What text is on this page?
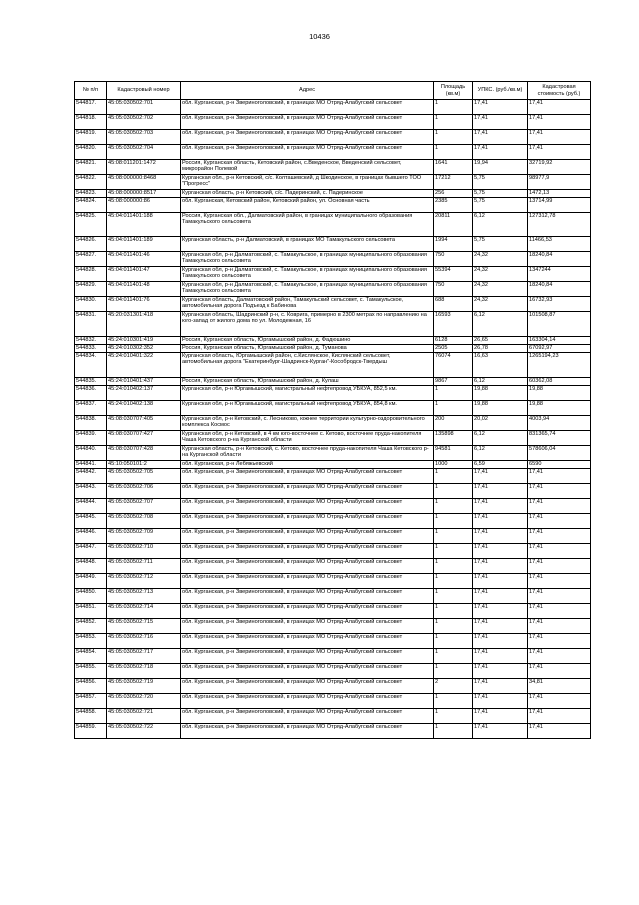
10436
№ п/п	Кадастровый номер	Адрес	Площадь (кв.м)	УПКС. (руб./кв.м)	Кадастровая стоимость (руб.)
544817.	45:05:030502:701	обл. Курганская, р-н Звериноголовский, в границах МО Отряд-Алабугский сельсовет	1	17,41	17,41
544818.	45:05:030502:702	обл. Курганская, р-н Звериноголовский, в границах МО Отряд-Алабугский сельсовет	1	17,41	17,41
544819.	45:05:030502:703	обл. Курганская, р-н Звериноголовский, в границах МО Отряд-Алабугский сельсовет	1	17,41	17,41
544820.	45:05:030502:704	обл. Курганская, р-н Звериноголовский, в границах МО Отряд-Алабугский сельсовет	1	17,41	17,41
544821.	45:08:011201:1472	Россия, Курганская область, Кетовский район, с.Введенское, Введенский сельсовет, микрорайон Полевой	1641	19,94	32719,92
544822.	45:08:000000:8468	Курганская обл., р-н Кетовский, с/с. Колташевский, д Шкодинское, в границах бывшего ТОО "Прогресс"	17212	5,75	98977,9
544823.	45:08:000000:8517	Курганская область, р-н Кетовский, с/с. Падеринский, с. Падеринское	256	5,75	1472,13
544824.	45:08:000000:86	обл. Курганская, Кетовский район, Кетовский район, ул. Основная часть	2385	5,75	13714,99
544825.	45:04:011401:188	Россия, Курганская обл., Далматовский район, в границах муниципального образования Тамакульского сельсовета	20811	6,12	127312,78
544826.	45:04:011401:189	Курганская область, р-н Далматовский, в границах МО Тамакульского сельсовета	1994	5,75	11466,53
544827.	45:04:011401:46	Курганская обл, р-н Далматовский, с. Тамакульское, в границах муниципального образования Тамакульского сельсовета	750	24,32	18240,84
544828.	45:04:011401:47	Курганская обл, р-н Далматовский, с. Тамакульское, в границах муниципального образования Тамакульского сельсовета	55394	24,32	1347244
544829.	45:04:011401:48	Курганская обл, р-н Далматовский, с. Тамакульское, в границах муниципального образования Тамакульского сельсовета	750	24,32	18240,84
544830.	45:04:011401:76	Курганская область, Далматовский район, Тамакульский сельсовет, с. Тамакульское, автомобильная дорога Подъезд к Бабинова	688	24,32	16732,93
544831.	45:20:031301:418	Курганская область, Шадринский р-н, с. Коврига, примерно в 2300 метрах по направлению на юго-запад от жилого дома по ул. Молодежная, 16	16593	6,12	101508,87
544832.	45:24:010301:419	Россия, Курганская область, Юргамышский район, д. Фадюшино	6128	26,65	163304,14
544833.	45:24:010302:352	Россия, Курганская область, Юргамышский район, д. Туманова	2505	26,78	67092,97
544834.	45:24:010401:322	Курганская область, Юргамышский район, с.Кислянское, Кислянский сельсовет, автомобильная дорога "Екатеринбург-Шадринск-Курган"-Кособродск-Твердыш	76074	16,63	1265194,23
544835.	45:24:010401:437	Россия, Курганская область, Юргамышский район, д. Кулаш	9867	6,12	60362,08
544836.	45:24:010402:137	Курганская обл, р-н Юргамышский, магистральный нефтепровод УБКУА, 852,5 км.	1	19,88	19,88
544837.	45:24:010402:138	Курганская обл, р-н Юргамышский, магистральный нефтепровод УБКУА, 854,8 км.	1	19,88	19,88
544838.	45:08:030707:405	Курганская обл, р-н Кетовский, с. Лесниково, южнее территории культурно-оздоровительного комплекса Космос	200	20,02	4003,94
544839.	45:08:030707:427	Курганская обл, р-н Кетовский, в 4 км юго-восточнее с. Кетово, восточнее пруда-накопителя Чаша Кетовского р-на Курганской области	135898	6,12	831365,74
544840.	45:08:030707:428	Курганская область, р-н Кетовский, с. Кетово, восточнее пруда-накопителя Чаша Кетовского р-на Курганской области	94581	6,12	578606,04
544841.	45:10:050101:2	обл. Курганская, р-н Лебяжьевский	1000	6,59	6590
544842.	45:05:030502:705	обл. Курганская, р-н Звериноголовский, в границах МО Отряд-Алабугский сельсовет	1	17,41	17,41
544843.	45:05:030502:706	обл. Курганская, р-н Звериноголовский, в границах МО Отряд-Алабугский сельсовет	1	17,41	17,41
544844.	45:05:030502:707	обл. Курганская, р-н Звериноголовский, в границах МО Отряд-Алабугский сельсовет	1	17,41	17,41
544845.	45:05:030502:708	обл. Курганская, р-н Звериноголовский, в границах МО Отряд-Алабугский сельсовет	1	17,41	17,41
544846.	45:05:030502:709	обл. Курганская, р-н Звериноголовский, в границах МО Отряд-Алабугский сельсовет	1	17,41	17,41
544847.	45:05:030502:710	обл. Курганская, р-н Звериноголовский, в границах МО Отряд-Алабугский сельсовет	1	17,41	17,41
544848.	45:05:030502:711	обл. Курганская, р-н Звериноголовский, в границах МО Отряд-Алабугский сельсовет	1	17,41	17,41
544849.	45:05:030502:712	обл. Курганская, р-н Звериноголовский, в границах МО Отряд-Алабугский сельсовет	1	17,41	17,41
544850.	45:05:030502:713	обл. Курганская, р-н Звериноголовский, в границах МО Отряд-Алабугский сельсовет	1	17,41	17,41
544851.	45:05:030502:714	обл. Курганская, р-н Звериноголовский, в границах МО Отряд-Алабугский сельсовет	1	17,41	17,41
544852.	45:05:030502:715	обл. Курганская, р-н Звериноголовский, в границах МО Отряд-Алабугский сельсовет	1	17,41	17,41
544853.	45:05:030502:716	обл. Курганская, р-н Звериноголовский, в границах МО Отряд-Алабугский сельсовет	1	17,41	17,41
544854.	45:05:030502:717	обл. Курганская, р-н Звериноголовский, в границах МО Отряд-Алабугский сельсовет	1	17,41	17,41
544855.	45:05:030502:718	обл. Курганская, р-н Звериноголовский, в границах МО Отряд-Алабугский сельсовет	1	17,41	17,41
544856.	45:05:030502:719	обл. Курганская, р-н Звериноголовский, в границах МО Отряд-Алабугский сельсовет	2	17,41	34,81
544857.	45:05:030502:720	обл. Курганская, р-н Звериноголовский, в границах МО Отряд-Алабугский сельсовет	1	17,41	17,41
544858.	45:05:030502:721	обл. Курганская, р-н Звериноголовский, в границах МО Отряд-Алабугский сельсовет	1	17,41	17,41
544859.	45:05:030502:722	обл. Курганская, р-н Звериноголовский, в границах МО Отряд-Алабугский сельсовет	1	17,41	17,41
